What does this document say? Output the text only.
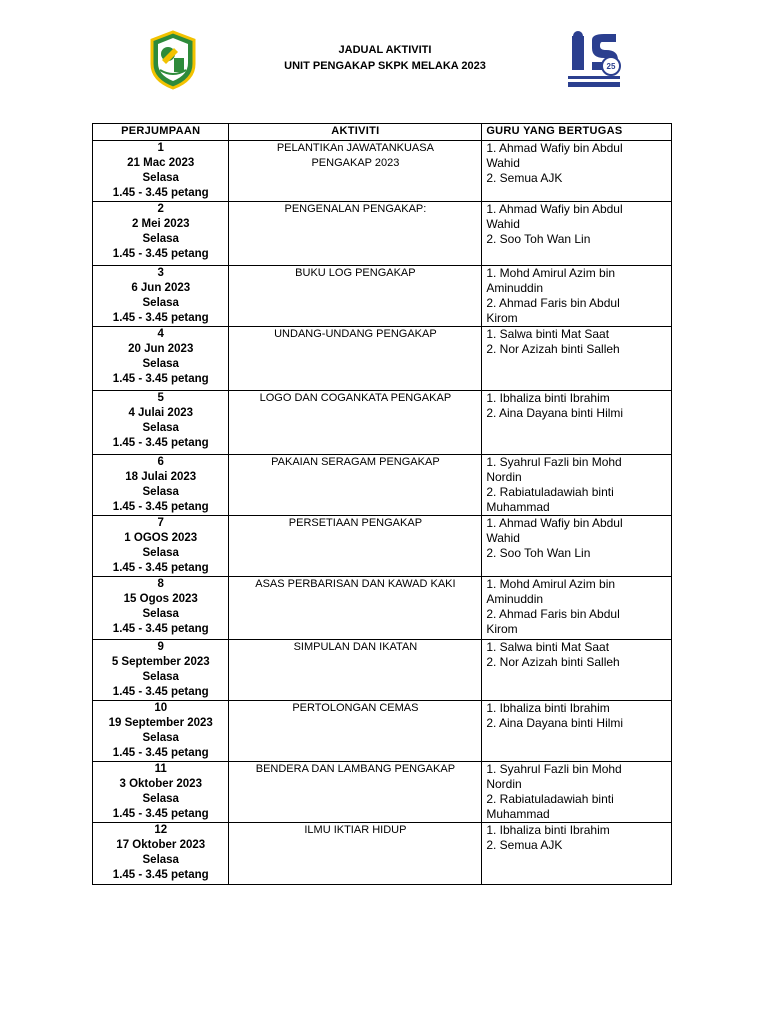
JADUAL AKTIVITI
UNIT PENGAKAP SKPK MELAKA 2023	25
PERJUMPAAN	AKTIVITI	GURU YANG BERTUGAS

1
21 Mac 2023
Selasa
1.45 - 3.45 petang	PELANTIKAn JAWATANKUASA
PENGAKAP 2023	1. Ahmad Wafiy bin Abdul
Wahid
2. Semua AJK

2
2 Mei 2023
Selasa
1.45 - 3.45 petang	PENGENALAN PENGAKAP:	1. Ahmad Wafiy bin Abdul
Wahid
2. Soo Toh Wan Lin

3
6 Jun 2023
Selasa
1.45 - 3.45 petang	BUKU LOG PENGAKAP	1. Mohd Amirul Azim bin
Aminuddin
2. Ahmad Faris bin Abdul
Kirom

4
20 Jun 2023
Selasa
1.45 - 3.45 petang	UNDANG-UNDANG PENGAKAP	1. Salwa binti Mat Saat
2. Nor Azizah binti Salleh

5
4 Julai 2023
Selasa
1.45 - 3.45 petang	LOGO DAN COGANKATA PENGAKAP	1. Ibhaliza binti Ibrahim
2. Aina Dayana binti Hilmi

6
18 Julai 2023
Selasa
1.45 - 3.45 petang	PAKAIAN SERAGAM PENGAKAP	1. Syahrul Fazli bin Mohd
Nordin
2. Rabiatuladawiah binti
Muhammad

7
1 OGOS 2023
Selasa
1.45 - 3.45 petang	PERSETIAAN PENGAKAP	1. Ahmad Wafiy bin Abdul
Wahid
2. Soo Toh Wan Lin

8
15 Ogos 2023
Selasa
1.45 - 3.45 petang	ASAS PERBARISAN DAN KAWAD KAKI	1. Mohd Amirul Azim bin
Aminuddin
2. Ahmad Faris bin Abdul
Kirom

9
5 September 2023
Selasa
1.45 - 3.45 petang	SIMPULAN DAN IKATAN	1. Salwa binti Mat Saat
2. Nor Azizah binti Salleh

10
19 September 2023
Selasa
1.45 - 3.45 petang	PERTOLONGAN CEMAS	1. Ibhaliza binti Ibrahim
2. Aina Dayana binti Hilmi

11
3 Oktober 2023
Selasa
1.45 - 3.45 petang	BENDERA DAN LAMBANG PENGAKAP	1. Syahrul Fazli bin Mohd
Nordin
2. Rabiatuladawiah binti
Muhammad

12
17 Oktober 2023
Selasa
1.45 - 3.45 petang	ILMU IKTIAR HIDUP	1. Ibhaliza binti Ibrahim
2. Semua AJK
